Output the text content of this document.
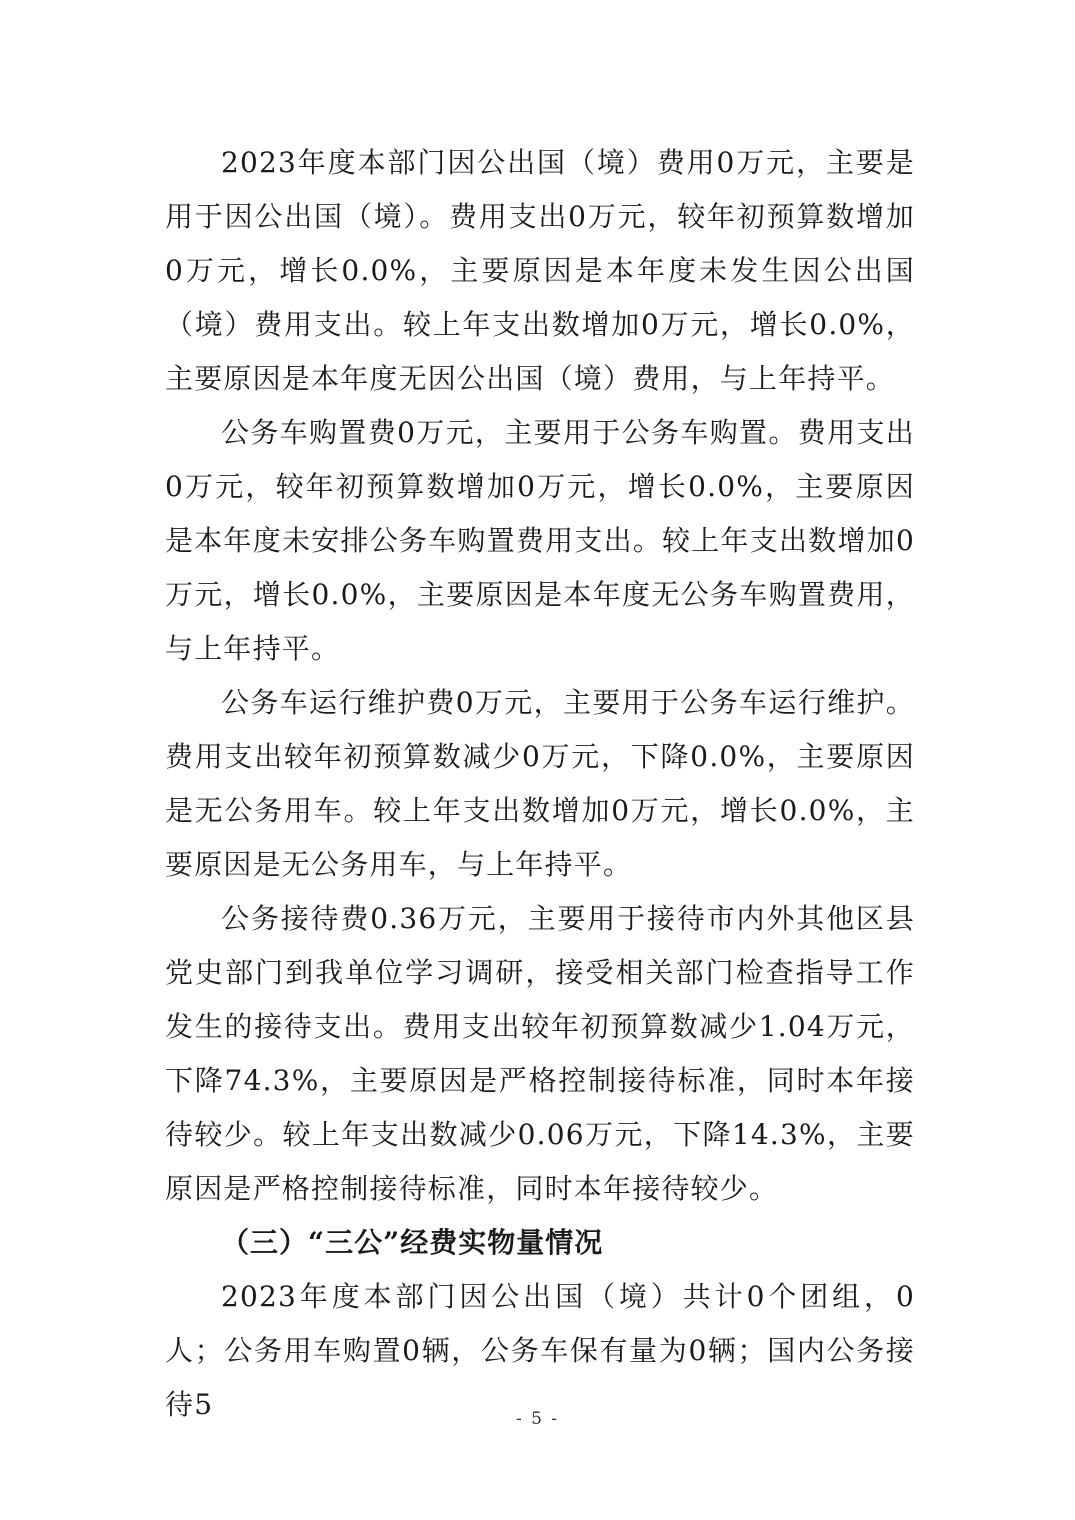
2023年度本部门因公出国（境）费用0万元，主要是用于因公出国（境）。费用支出0万元，较年初预算数增加0万元，增长0.0%，主要原因是本年度未发生因公出国（境）费用支出。较上年支出数增加0万元，增长0.0%，主要原因是本年度无因公出国（境）费用，与上年持平。

公务车购置费0万元，主要用于公务车购置。费用支出0万元，较年初预算数增加0万元，增长0.0%，主要原因是本年度未安排公务车购置费用支出。较上年支出数增加0万元，增长0.0%，主要原因是本年度无公务车购置费用，与上年持平。

公务车运行维护费0万元，主要用于公务车运行维护。费用支出较年初预算数减少0万元，下降0.0%，主要原因是无公务用车。较上年支出数增加0万元，增长0.0%，主要原因是无公务用车，与上年持平。

公务接待费0.36万元，主要用于接待市内外其他区县党史部门到我单位学习调研，接受相关部门检查指导工作发生的接待支出。费用支出较年初预算数减少1.04万元，下降74.3%，主要原因是严格控制接待标准，同时本年接待较少。较上年支出数减少0.06万元，下降14.3%，主要原因是严格控制接待标准，同时本年接待较少。

（三）“三公”经费实物量情况

2023年度本部门因公出国（境）共计0个团组，0人；公务用车购置0辆，公务车保有量为0辆；国内公务接待5	- 5 -
